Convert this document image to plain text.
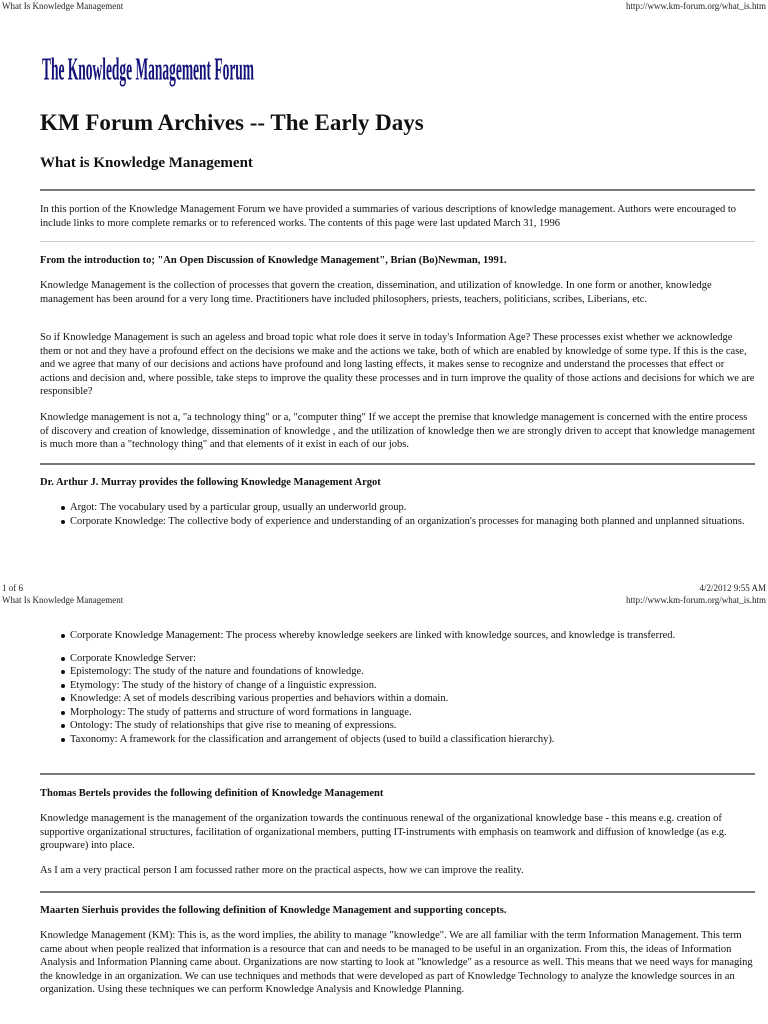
What Is Knowledge Management	http://www.km-forum.org/what_is.htm
The Knowledge Management Forum
KM Forum Archives -- The Early Days
What is Knowledge Management

In this portion of the Knowledge Management Forum we have provided a summaries of various descriptions of knowledge management. Authors were encouraged to include links to more complete remarks or to referenced works. The contents of this page were last updated March 31, 1996

From the introduction to; "An Open Discussion of Knowledge Management", Brian (Bo)Newman, 1991.

Knowledge Management is the collection of processes that govern the creation, dissemination, and utilization of knowledge. In one form or another, knowledge management has been around for a very long time. Practitioners have included philosophers, priests, teachers, politicians, scribes, Liberians, etc.

So if Knowledge Management is such an ageless and broad topic what role does it serve in today's Information Age? These processes exist whether we acknowledge them or not and they have a profound effect on the decisions we make and the actions we take, both of which are enabled by knowledge of some type. If this is the case, and we agree that many of our decisions and actions have profound and long lasting effects, it makes sense to recognize and understand the processes that effect or actions and decision and, where possible, take steps to improve the quality these processes and in turn improve the quality of those actions and decisions for which we are responsible?

Knowledge management is not a, "a technology thing" or a, "computer thing" If we accept the premise that knowledge management is concerned with the entire process of discovery and creation of knowledge, dissemination of knowledge , and the utilization of knowledge then we are strongly driven to accept that knowledge management is much more than a "technology thing" and that elements of it exist in each of our jobs.

Dr. Arthur J. Murray provides the following Knowledge Management Argot

Argot: The vocabulary used by a particular group, usually an underworld group.
Corporate Knowledge: The collective body of experience and understanding of an organization's processes for managing both planned and unplanned situations.
1 of 6	4/2/2012 9:55 AM
What Is Knowledge Management	http://www.km-forum.org/what_is.htm
Corporate Knowledge Management: The process whereby knowledge seekers are linked with knowledge sources, and knowledge is transferred.
Corporate Knowledge Server:
Epistemology: The study of the nature and foundations of knowledge.
Etymology: The study of the history of change of a linguistic expression.
Knowledge: A set of models describing various properties and behaviors within a domain.
Morphology: The study of patterns and structure of word formations in language.
Ontology: The study of relationships that give rise to meaning of expressions.
Taxonomy: A framework for the classification and arrangement of objects (used to build a classification hierarchy).

Thomas Bertels provides the following definition of Knowledge Management

Knowledge management is the management of the organization towards the continuous renewal of the organizational knowledge base - this means e.g. creation of supportive organizational structures, facilitation of organizational members, putting IT-instruments with emphasis on teamwork and diffusion of knowledge (as e.g. groupware) into place.

As I am a very practical person I am focussed rather more on the practical aspects, how we can improve the reality.

Maarten Sierhuis provides the following definition of Knowledge Management and supporting concepts.

Knowledge Management (KM): This is, as the word implies, the ability to manage "knowledge". We are all familiar with the term Information Management. This term came about when people realized that information is a resource that can and needs to be managed to be useful in an organization. From this, the ideas of Information Analysis and Information Planning came about. Organizations are now starting to look at "knowledge" as a resource as well. This means that we need ways for managing the knowledge in an organization. We can use techniques and methods that were developed as part of Knowledge Technology to analyze the knowledge sources in an organization. Using these techniques we can perform Knowledge Analysis and Knowledge Planning.
